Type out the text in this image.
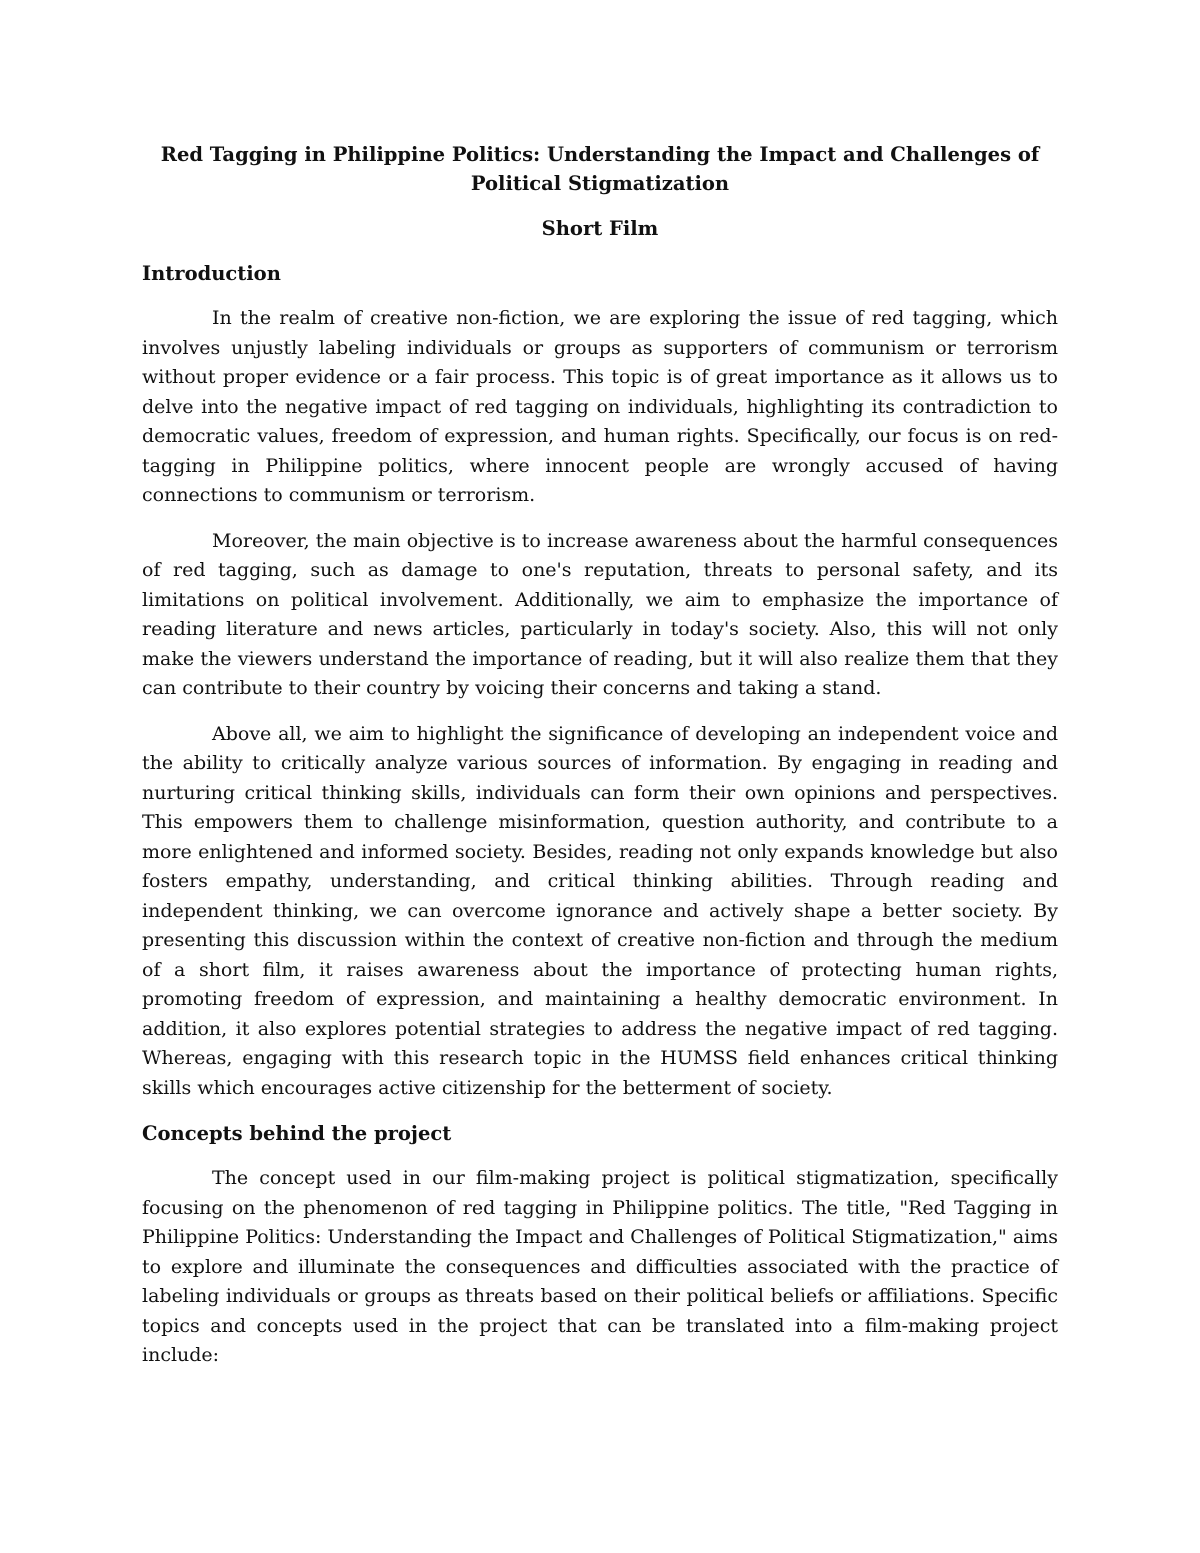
Red Tagging in Philippine Politics: Understanding the Impact and Challenges of Political Stigmatization

Short Film

Introduction

In the realm of creative non-fiction, we are exploring the issue of red tagging, which involves unjustly labeling individuals or groups as supporters of communism or terrorism without proper evidence or a fair process. This topic is of great importance as it allows us to delve into the negative impact of red tagging on individuals, highlighting its contradiction to democratic values, freedom of expression, and human rights. Specifically, our focus is on red-tagging in Philippine politics, where innocent people are wrongly accused of having connections to communism or terrorism.

Moreover, the main objective is to increase awareness about the harmful consequences of red tagging, such as damage to one's reputation, threats to personal safety, and its limitations on political involvement. Additionally, we aim to emphasize the importance of reading literature and news articles, particularly in today's society. Also, this will not only make the viewers understand the importance of reading, but it will also realize them that they can contribute to their country by voicing their concerns and taking a stand.

Above all, we aim to highlight the significance of developing an independent voice and the ability to critically analyze various sources of information. By engaging in reading and nurturing critical thinking skills, individuals can form their own opinions and perspectives. This empowers them to challenge misinformation, question authority, and contribute to a more enlightened and informed society. Besides, reading not only expands knowledge but also fosters empathy, understanding, and critical thinking abilities. Through reading and independent thinking, we can overcome ignorance and actively shape a better society. By presenting this discussion within the context of creative non-fiction and through the medium of a short film, it raises awareness about the importance of protecting human rights, promoting freedom of expression, and maintaining a healthy democratic environment. In addition, it also explores potential strategies to address the negative impact of red tagging. Whereas, engaging with this research topic in the HUMSS field enhances critical thinking skills which encourages active citizenship for the betterment of society.

Concepts behind the project

The concept used in our film-making project is political stigmatization, specifically focusing on the phenomenon of red tagging in Philippine politics. The title, "Red Tagging in Philippine Politics: Understanding the Impact and Challenges of Political Stigmatization," aims to explore and illuminate the consequences and difficulties associated with the practice of labeling individuals or groups as threats based on their political beliefs or affiliations. Specific topics and concepts used in the project that can be translated into a film-making project include:
